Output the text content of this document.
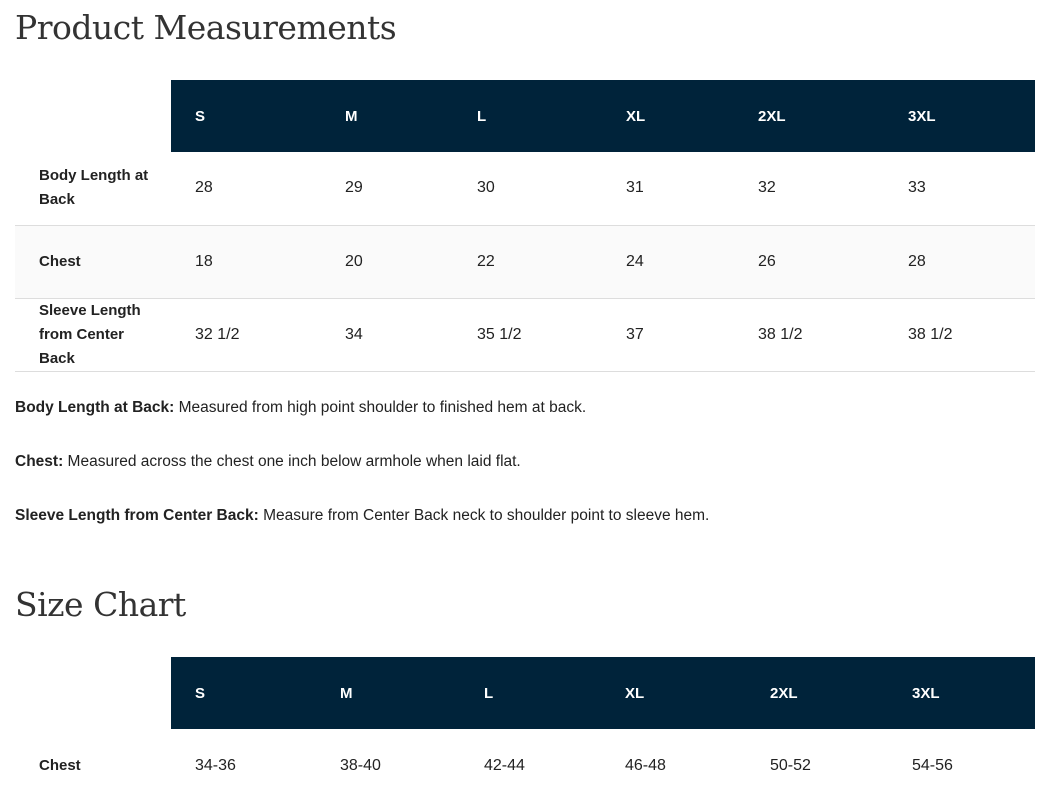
Product Measurements
	S	M	L	XL	2XL	3XL

Body Length at Back	28	29	30	31	32	33

Chest	18	20	22	24	26	28

Sleeve Length from Center Back	32 1/2	34	35 1/2	37	38 1/2	38 1/2

Body Length at Back: Measured from high point shoulder to finished hem at back.

Chest: Measured across the chest one inch below armhole when laid flat.

Sleeve Length from Center Back: Measure from Center Back neck to shoulder point to sleeve hem.

Size Chart
	S	M	L	XL	2XL	3XL
Chest	34-36	38-40	42-44	46-48	50-52	54-56
